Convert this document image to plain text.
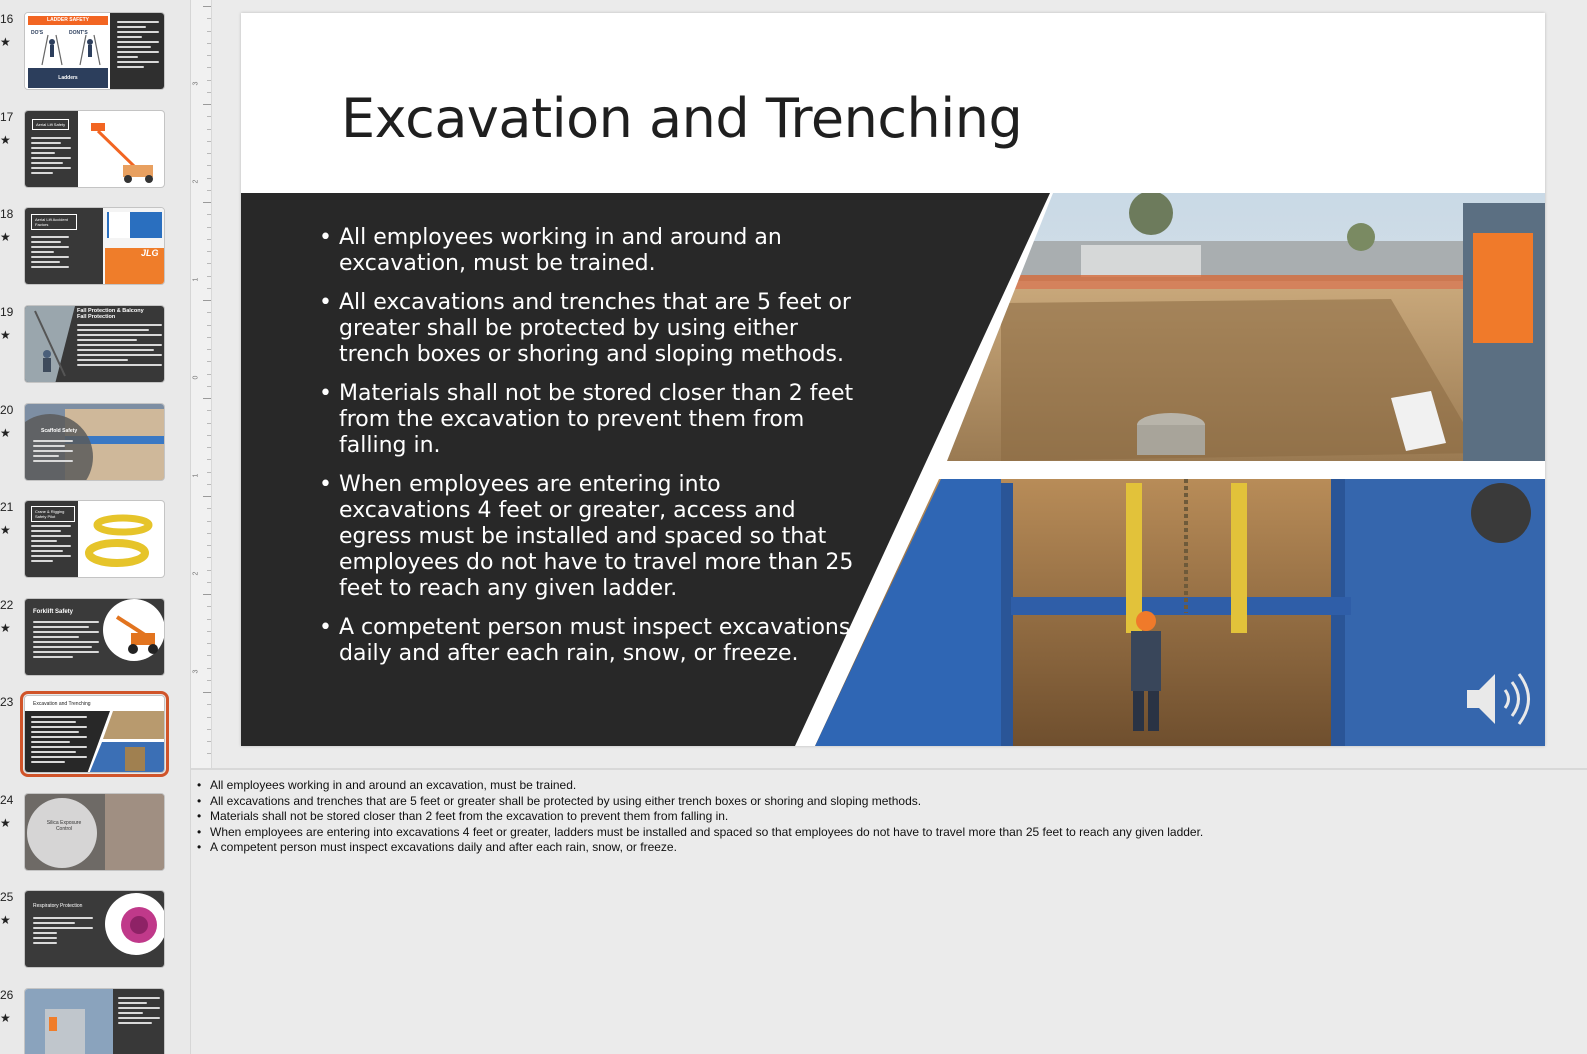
16
★
LADDER SAFETY
DO'S	DONT'S
Ladders
17
★
Aerial Lift Safety
18
★
Aerial Lift Accident Factors
JLG
19
★
Fall Protection & Balcony Fall Protection
20
★	Scaffold Safety
21
★
Crane & Rigging Safety Pilot
22
★
Forklift Safety
23	Excavation and Trenching
24
★	Silica Exposure Control
25
★
Respiratory Protection
26
★
3
2
1
0
1
2
3
Excavation and Trenching
• All employees working in and around an excavation, must be trained.
• All excavations and trenches that are 5 feet or greater shall be protected by using either trench boxes or shoring and sloping methods.
• Materials shall not be stored closer than 2 feet from the excavation to prevent them from falling in.
• When employees are entering into excavations 4 feet or greater, access and egress must be installed and spaced so that employees do not have to travel more than 25 feet to reach any given ladder.
• A competent person must inspect excavations daily and after each rain, snow, or freeze.
• All employees working in and around an excavation, must be trained.
• All excavations and trenches that are 5 feet or greater shall be protected by using either trench boxes or shoring and sloping methods.
• Materials shall not be stored closer than 2 feet from the excavation to prevent them from falling in.
• When employees are entering into excavations 4 feet or greater, ladders must be installed and spaced so that employees do not have to travel more than 25 feet to reach any given ladder.
• A competent person must inspect excavations daily and after each rain, snow, or freeze.
